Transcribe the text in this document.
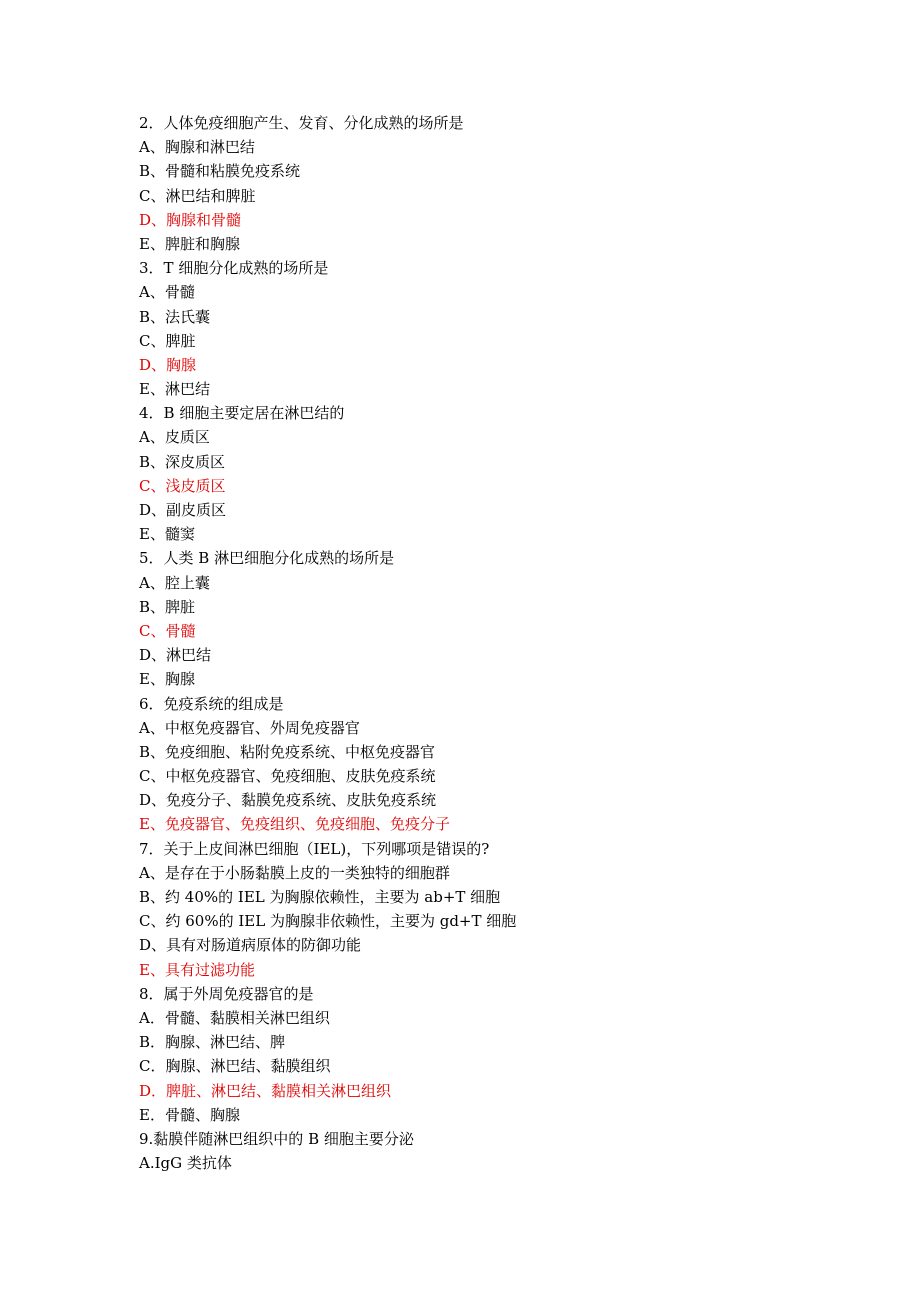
2．人体免疫细胞产生、发育、分化成熟的场所是
A、胸腺和淋巴结
B、骨髓和粘膜免疫系统
C、淋巴结和脾脏
D、胸腺和骨髓
E、脾脏和胸腺
3．T 细胞分化成熟的场所是
A、骨髓
B、法氏囊
C、脾脏
D、胸腺
E、淋巴结
4．B 细胞主要定居在淋巴结的
A、皮质区
B、深皮质区
C、浅皮质区
D、副皮质区
E、髓窦
5．人类 B 淋巴细胞分化成熟的场所是
A、腔上囊
B、脾脏
C、骨髓
D、淋巴结
E、胸腺
6．免疫系统的组成是
A、中枢免疫器官、外周免疫器官
B、免疫细胞、粘附免疫系统、中枢免疫器官
C、中枢免疫器官、免疫细胞、皮肤免疫系统
D、免疫分子、黏膜免疫系统、皮肤免疫系统
E、免疫器官、免疫组织、免疫细胞、免疫分子
7．关于上皮间淋巴细胞（IEL)，下列哪项是错误的?
A、是存在于小肠黏膜上皮的一类独特的细胞群
B、约 40%的 IEL 为胸腺依赖性，主要为 ab+T 细胞
C、约 60%的 IEL 为胸腺非依赖性，主要为 gd+T 细胞
D、具有对肠道病原体的防御功能
E、具有过滤功能
8．属于外周免疫器官的是
A．骨髓、黏膜相关淋巴组织
B．胸腺、淋巴结、脾
C．胸腺、淋巴结、黏膜组织
D．脾脏、淋巴结、黏膜相关淋巴组织
E．骨髓、胸腺
9.黏膜伴随淋巴组织中的 B 细胞主要分泌
A.IgG 类抗体
